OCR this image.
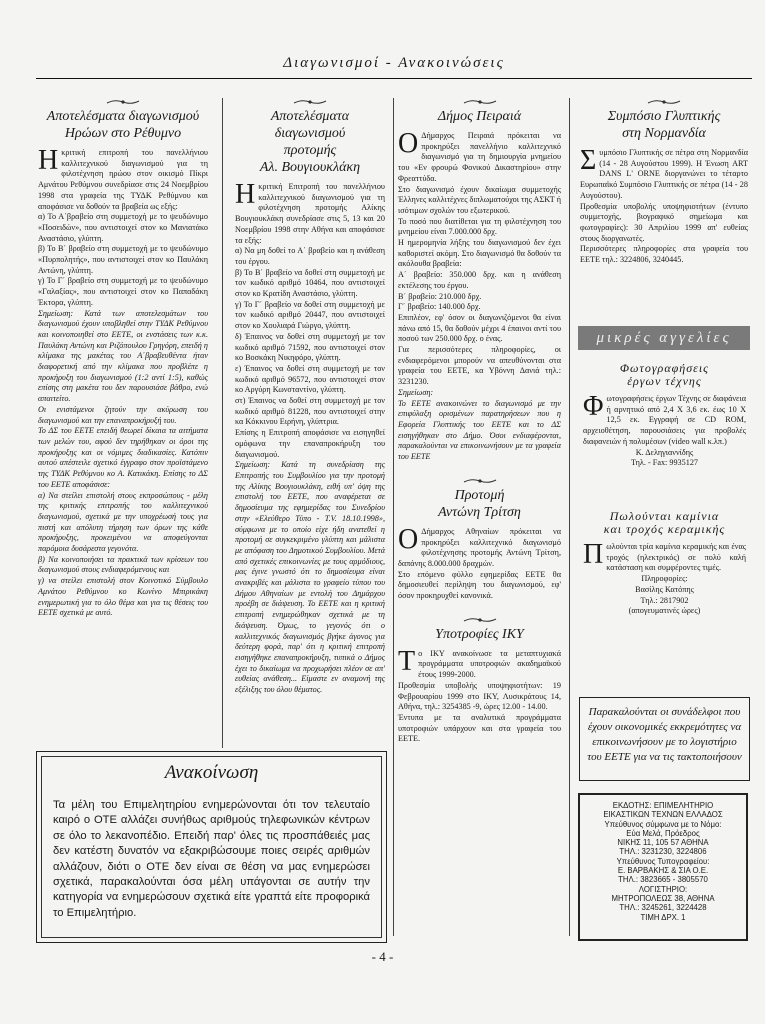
Διαγωνισμοί - Ανακοινώσεις
Αποτελέσματα διαγωνισμού
Ηρώων στο Ρέθυμνο

Ηκριτική επιτροπή του πανελλήνιου καλλιτεχνικού διαγωνισμού για τη φιλοτέχνηση ηρώου στον οικισμό Πίκρι Αμνάτου Ρεθύμνου συνεδρίασε στις 24 Νοεμβρίου 1998 στα γραφεία της ΤΥΔΚ Ρεθύμνου και αποφάσισε να δοθούν τα βραβεία ως εξής:

α) Το Α΄βραβείο στη συμμετοχή με το ψευδώνυμο «Ποσειδών», που αντιστοιχεί στον κο Μανιατάκο Αναστάσιο, γλύπτη.

β) Το Β΄ βραβείο στη συμμετοχή με το ψευδώνυμο «Πυρπολητής», που αντιστοιχεί στον κο Παυλάκη Αντώνη, γλύπτη.

γ) Το Γ΄ βραβείο στη συμμετοχή με το ψευδώνυμο «Γαλαξίας», που αντιστοιχεί στον κο Παπαδάκη Έκτορα, γλύπτη.

Σημείωση: Κατά των αποτελεσμάτων του διαγωνισμού έχουν υποβληθεί στην ΤΥΔΚ Ρεθύμνου και κοινοποιηθεί στο ΕΕΤΕ, οι ενστάσεις των κ.κ. Παυλάκη Αντώνη και Ριζόπουλου Γρηγόρη, επειδή η κλίμακα της μακέτας του Α΄βραβευθέντα ήταν διαφορετική από την κλίμακα που προβλέπε η προκήρυξη του διαγωνισμού (1:2 αντί 1:5), καθώς επίσης στη μακέτα του δεν παρουσιάσε βάθρο, ενώ απαιτείτο.

Οι ενιστάμενοι ζητούν την ακύρωση του διαγωνισμού και την επαναπροκήρυξή του.

Το ΔΣ του ΕΕΤΕ επειδή θεωρεί δίκαια τα αιτήματα των μελών του, αφού δεν τηρήθηκαν οι όροι της προκήρυξης και οι νόμιμες διαδικασίες. Κατόπιν αυτού απέστειλε σχετικό έγγραφο στον προϊστάμενο της ΤΥΔΚ Ρεθύμνου κο Α. Κατικάκη. Επίσης το ΔΣ του ΕΕΤΕ αποφάσισε:

α) Να στείλει επιστολή στους εκπροσώπους - μέλη της κριτικής επιτροπής του καλλιτεχνικού διαγωνισμού, σχετικά με την υποχρέωσή τους για πιστή και απόλυτη τήρηση των όρων της κάθε προκήρυξης, προκειμένου να αποφεύγονται παρόμοια δυσάρεστα γεγονότα.

β) Να κοινοποιήσει τα πρακτικά των κρίσεων του διαγωνισμού στους ενδιαφερόμενους και

γ) να στείλει επιστολή στον Κοινοτικό Σύμβουλο Αμνάτου Ρεθύμνου κο Κωνίνο Μπιρικάκη ενημερωτική για το όλο θέμα και για τις θέσεις του ΕΕΤΕ σχετικά με αυτό.

Αποτελέσματα διαγωνισμού
προτομής
Αλ. Βουγιουκλάκη

Ηκριτική Επιτροπή του πανελλήνιου καλλιτεχνικού διαγωνισμού για τη φιλοτέχνηση προτομής Αλίκης Βουγιουκλάκη συνεδρίασε στις 5, 13 και 20 Νοεμβρίου 1998 στην Αθήνα και αποφάσισε τα εξής:

α) Να μη δοθεί το Α΄ βραβείο και η ανάθεση του έργου.

β) Το Β΄ βραβείο να δοθεί στη συμμετοχή με τον κωδικό αριθμό 10464, που αντιστοιχεί στον κο Κρατίδη Αναστάσιο, γλύπτη.

γ) Το Γ΄ βραβείο να δοθεί στη συμμετοχή με τον κωδικό αριθμό 20447, που αντιστοιχεί στον κο Χουλιαρά Γιώργο, γλύπτη.

δ) Έπαινος να δοθεί στη συμμετοχή με τον κωδικό αριθμό 71592, που αντιστοιχεί στον κο Βοσκάκη Νικηφόρο, γλύπτη.

ε) Έπαινος να δοθεί στη συμμετοχή με τον κωδικό αριθμό 96572, που αντιστοιχεί στον κο Αργύρη Κωνσταντίνο, γλύπτη.

στ) Έπαινος να δοθεί στη συμμετοχή με τον κωδικό αριθμό 81228, που αντιστοιχεί στην κα Κόκκινου Ειρήνη, γλύπτρια.

Επίσης η Επιτροπή αποφάσισε να εισηγηθεί ομόφωνα την επαναπροκήρυξη του διαγωνισμού.

Σημείωση: Κατά τη συνεδρίαση της Επιτροπής του Συμβουλίου για την προτομή της Αλίκης Βουγιουκλάκη, ειθή υπ' όψη της επιστολή του ΕΕΤΕ, που αναφέρεται σε δημοσίευμα της εφημερίδας του Συνεδρίου στην «Ελεύθερο Τύπο - Τ.V. 18.10.1998», σύμφωνα με το οποίο είχε ήδη ανατεθεί η προτομή σε συγκεκριμένο γλύπτη και μάλιστα με απόφαση του Δημοτικού Συμβουλίου. Μετά από σχετικές επικοινωνίες με τους αρμόδιους, μας έγινε γνωστό ότι το δημοσίευμα είναι ανακριβές και μάλιστα το γραφείο τύπου του Δήμου Αθηναίων με εντολή του Δημάρχου προέβη σε διάψευση. Το ΕΕΤΕ και η κριτική επιτροπή ενημερώθηκαν σχετικά με τη διάψευση. Όμως, το γεγονός ότι ο καλλιτεχνικός διαγωνισμός βγήκε άγονος για δεύτερη φορά, παρ' ότι η κριτική επιτροπή εισηγήθηκε επαναπροκήρυξη, τυπικά ο Δήμος έχει το δικαίωμα να προχωρήσει πλέον σε απ' ευθείας ανάθεση... Είμαστε εν αναμονή της εξέλιξης του όλου θέματος.

Δήμος Πειραιά

Ο Δήμαρχος Πειραιά πρόκειται να προκηρύξει πανελλήνιο καλλιτεχνικό διαγωνισμό για τη δημιουργία μνημείου του «Εν φρουρώ Φονικού Δικαστηρίου» στην Φρεαττύδα.

Στο διαγωνισμό έχουν δικαίωμα συμμετοχής Έλληνες καλλιτέχνες διπλωματούχοι της ΑΣΚΤ ή ισότιμων σχολών του εξωτερικού.

Το ποσό που διατίθεται για τη φιλοτέχνηση του μνημείου είναι 7.000.000 δρχ.

Η ημερομηνία λήξης του διαγωνισμού δεν έχει καθοριστεί ακόμη. Στο διαγωνισμό θα δοθούν τα ακόλουθα βραβεία:

Α΄ βραβείο: 350.000 δρχ. και η ανάθεση εκτέλεσης του έργου.

Β΄ βραβείο: 210.000 δρχ.

Γ΄ βραβείο: 140.000 δρχ.

Επιπλέον, εφ' όσον οι διαγωνιζόμενοι θα είναι πάνω από 15, θα δοθούν μέχρι 4 έπαινοι αντί του ποσού των 250.000 δρχ. ο ένας.

Για περισσότερες πληροφορίες, οι ενδιαφερόμενοι μπορούν να απευθύνονται στα γραφεία του ΕΕΤΕ, κα Υβόννη Δανιά τηλ.: 3231230.

Σημείωση:

Το ΕΕΤΕ ανακοινώνει το διαγωνισμό με την επιφύλαξη ορισμένων παρατηρήσεων που η Εφορεία Γλυπτικής του ΕΕΤΕ και το ΔΣ εισηγήθηκαν στο Δήμο. Όσοι ενδιαφέρονται, παρακαλούνται να επικοινωνήσουν με τα γραφεία του ΕΕΤΕ

Προτομή
Αντώνη Τρίτση

Ο Δήμαρχος Αθηναίων πρόκειται να προκηρύξει καλλιτεχνικό διαγωνισμό φιλοτέχνησης προτομής Αντώνη Τρίτση, δαπάνης 8.000.000 δραχμών.

Στο επόμενο φύλλο εφημερίδας ΕΕΤΕ θα δημοσιευθεί περίληψη του διαγωνισμού, εφ' όσον προκηρυχθεί κανονικά.

Υποτροφίες ΙΚΥ

Το ΙΚΥ ανακοίνωσε τα μεταπτυχιακά προγράμματα υποτροφιών ακαδημαϊκού έτους 1999-2000.

Προθεσμία υποβολής υποψηφιοτήτων: 19 Φεβρουαρίου 1999 στο ΙΚΥ, Λυσικράτους 14, Αθήνα, τηλ.: 3254385 -9, ώρες 12.00 - 14.00.

Έντυπα με τα αναλυτικά προγράμματα υποτροφιών υπάρχουν και στα γραφεία του ΕΕΤΕ.

Συμπόσιο Γλυπτικής
στη Νορμανδία

Συμπόσιο Γλυπτικής σε πέτρα στη Νορμανδία (14 - 28 Αυγούστου 1999). Η Ένωση ART DANS L' ORNE διοργανώνει το τέταρτο Ευρωπαϊκό Συμπόσιο Γλυπτικής σε πέτρα (14 - 28 Αυγούστου).

Προθεσμία υποβολής υποψηφιοτήτων (έντυπο συμμετοχής, βιογραφικό σημείωμα και φωτογραφίες): 30 Απριλίου 1999 απ' ευθείας στους διοργανωτές.

Περισσότερες πληροφορίες στα γραφεία του ΕΕΤΕ τηλ.: 3224806, 3240445.

μικρές αγγελίες
Φωτογραφήσεις
έργων τέχνης

Φωτογραφήσεις έργων Τέχνης σε διαφάνεια ή αρνητικό από 2,4 Χ 3,6 εκ. έως 10 Χ 12,5 εκ. Εγγραφή σε CD ROM, αρχειοθέτηση, παρουσιάσεις για προβολές διαφανειών ή πολυμέσων (video wall κ.λπ.)

Κ. Δεληγιαννίδης

Τηλ. - Fax: 9935127

Πωλούνται καμίνια
και τροχός κεραμικής

Πωλούνται τρία καμίνια κεραμικής και ένας τροχός (ηλεκτρικός) σε πολύ καλή κατάσταση και συμφέροντες τιμές.

Πληροφορίες:

Βασίλης Κατόπης

Τηλ.: 2817902

(απογευματινές ώρες)

Παρακαλούνται οι συνάδελφοι που έχουν οικονομικές εκκρεμότητες να επικοινωνήσουν με το λογιστήριο του ΕΕΤΕ για να τις τακτοποιήσουν

ΕΚΔΟΤΗΣ: ΕΠΙΜΕΛΗΤΗΡΙΟ
ΕΙΚΑΣΤΙΚΩΝ ΤΕΧΝΩΝ ΕΛΛΑΔΟΣ
Υπεύθυνος σύμφωνα με το Νόμο:
Εύα Μελά, Πρόεδρος
ΝΙΚΗΣ 11, 105 57 ΑΘΗΝΑ
ΤΗΛ.: 3231230, 3224806
Υπεύθυνος Τυπογραφείου:
Ε. ΒΑΡΒΑΚΗΣ & ΣΙΑ Ο.Ε.
ΤΗΛ.: 3823665 - 3805570
ΛΟΓΙΣΤΗΡΙΟ:
ΜΗΤΡΟΠΟΛΕΩΣ 38, ΑΘΗΝΑ
ΤΗΛ.: 3245261, 3224428
ΤΙΜΗ ΔΡΧ. 1
Ανακοίνωση
Τα μέλη του Επιμελητηρίου ενημερώνονται ότι τον τελευταίο καιρό ο ΟΤΕ αλλάζει συνήθως αριθμούς τηλεφωνικών κέντρων σε όλο το λεκανοπέδιο. Επειδή παρ' όλες τις προσπάθειές μας δεν κατέστη δυνατόν να εξακριβώσουμε ποιες σειρές αριθμών αλλάζουν, διότι ο ΟΤΕ δεν είναι σε θέση να μας ενημερώσει σχετικά, παρακαλούνται όσα μέλη υπάγονται σε αυτήν την κατηγορία να ενημερώσουν σχετικά είτε γραπτά είτε προφορικά το Επιμελητήριο.
- 4 -
